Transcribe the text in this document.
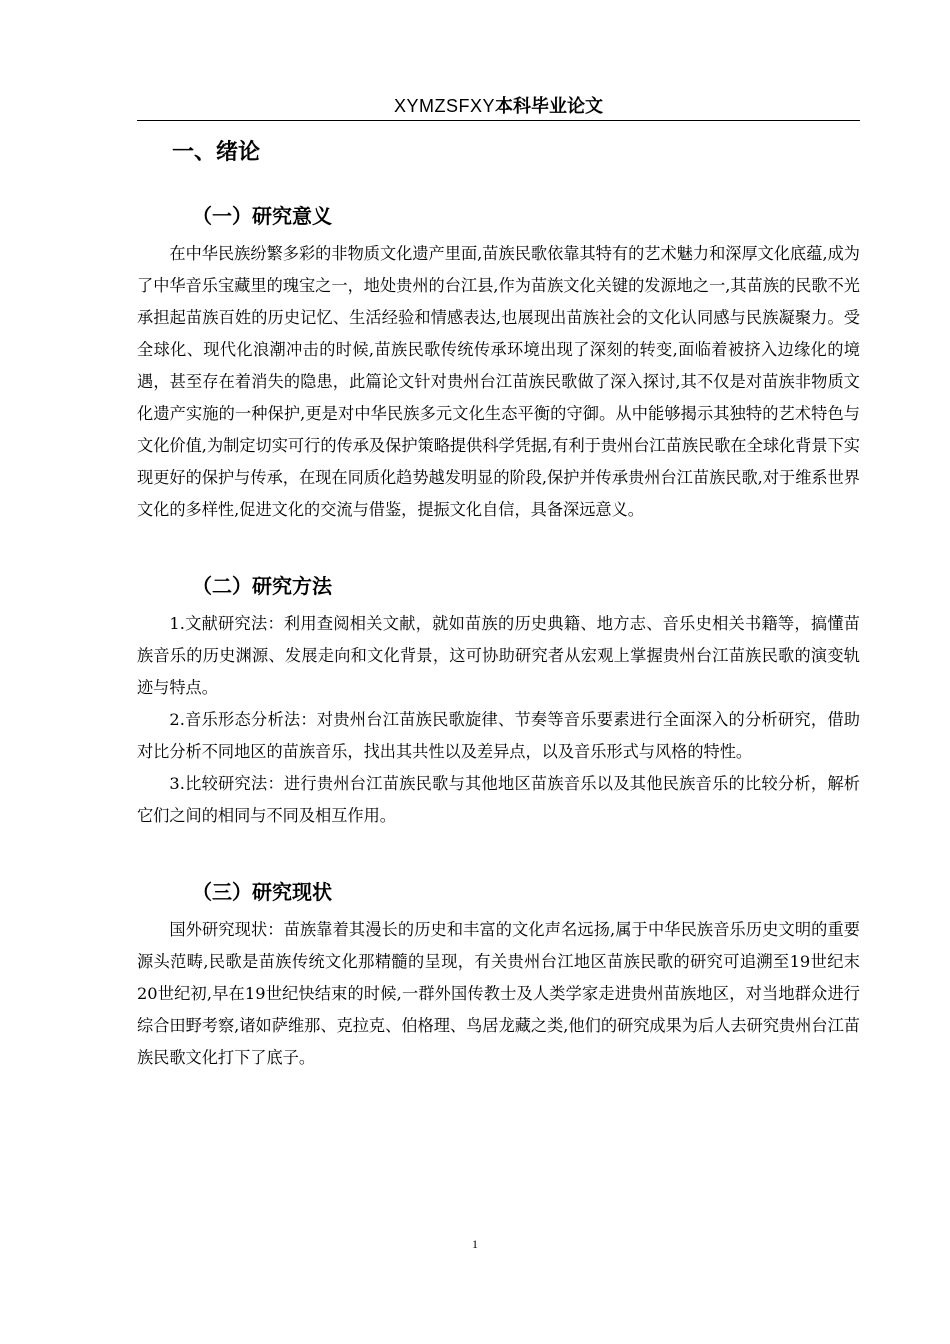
XYMZSFXY本科毕业论文
一、绪论
（一）研究意义

在中华民族纷繁多彩的非物质文化遗产里面,苗族民歌依靠其特有的艺术魅力和深厚文化底蕴,成为了中华音乐宝藏里的瑰宝之一，地处贵州的台江县,作为苗族文化关键的发源地之一,其苗族的民歌不光承担起苗族百姓的历史记忆、生活经验和情感表达,也展现出苗族社会的文化认同感与民族凝聚力。受全球化、现代化浪潮冲击的时候,苗族民歌传统传承环境出现了深刻的转变,面临着被挤入边缘化的境遇，甚至存在着消失的隐患，此篇论文针对贵州台江苗族民歌做了深入探讨,其不仅是对苗族非物质文化遗产实施的一种保护,更是对中华民族多元文化生态平衡的守御。从中能够揭示其独特的艺术特色与文化价值,为制定切实可行的传承及保护策略提供科学凭据,有利于贵州台江苗族民歌在全球化背景下实现更好的保护与传承，在现在同质化趋势越发明显的阶段,保护并传承贵州台江苗族民歌,对于维系世界文化的多样性,促进文化的交流与借鉴，提振文化自信，具备深远意义。

（二）研究方法

1.文献研究法：利用查阅相关文献，就如苗族的历史典籍、地方志、音乐史相关书籍等，搞懂苗族音乐的历史渊源、发展走向和文化背景，这可协助研究者从宏观上掌握贵州台江苗族民歌的演变轨迹与特点。

2.音乐形态分析法：对贵州台江苗族民歌旋律、节奏等音乐要素进行全面深入的分析研究，借助对比分析不同地区的苗族音乐，找出其共性以及差异点，以及音乐形式与风格的特性。

3.比较研究法：进行贵州台江苗族民歌与其他地区苗族音乐以及其他民族音乐的比较分析，解析它们之间的相同与不同及相互作用。

（三）研究现状

国外研究现状：苗族靠着其漫长的历史和丰富的文化声名远扬,属于中华民族音乐历史文明的重要源头范畴,民歌是苗族传统文化那精髓的呈现，有关贵州台江地区苗族民歌的研究可追溯至19世纪末20世纪初,早在19世纪快结束的时候,一群外国传教士及人类学家走进贵州苗族地区，对当地群众进行综合田野考察,诸如萨维那、克拉克、伯格理、鸟居龙藏之类,他们的研究成果为后人去研究贵州台江苗族民歌文化打下了底子。

1
